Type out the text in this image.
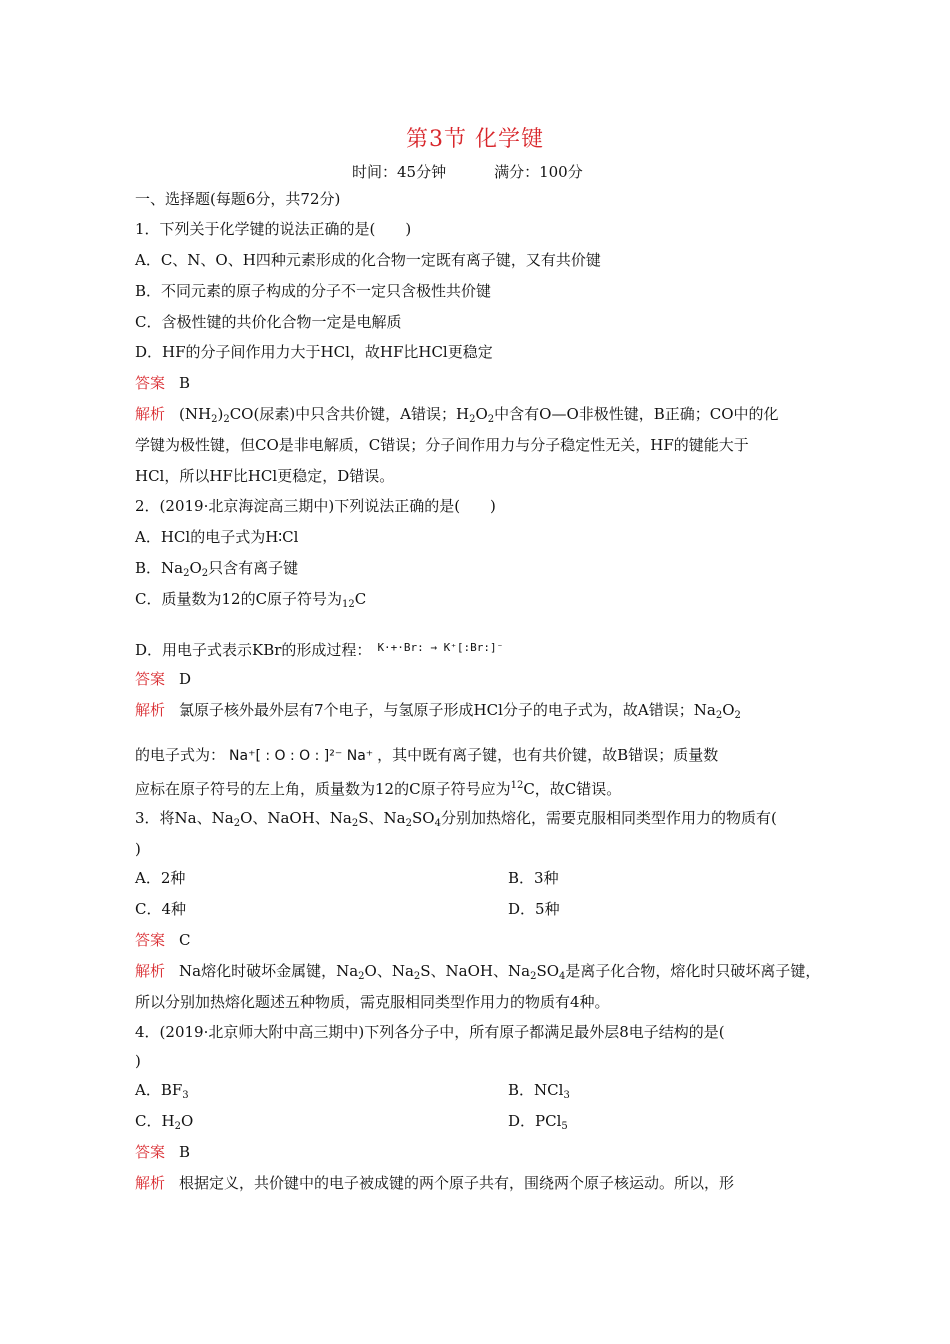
第3节 化学键
时间：45分钟	满分：100分
一、选择题(每题6分，共72分)
1．下列关于化学键的说法正确的是(　　)
A．C、N、O、H四种元素形成的化合物一定既有离子键，又有共价键
B．不同元素的原子构成的分子不一定只含极性共价键
C．含极性键的共价化合物一定是电解质
D．HF的分子间作用力大于HCl，故HF比HCl更稳定
答案 B
解析 $(NH_2)_2CO$(尿素)中只含共价键，A错误；$H_2O_2$中含有O—O非极性键，B正确；CO中的化
学键为极性键，但CO是非电解质，C错误；分子间作用力与分子稳定性无关，HF的键能大于
HCl，所以HF比HCl更稳定，D错误。
2．(2019·北京海淀高三期中)下列说法正确的是(　　)
A．HCl的电子式为H∶Cl
B．$Na_2O_2$只含有离子键
C．质量数为12的C原子符号为$_{12}$C
D．用电子式表示KBr的形成过程： $^{K\cdot+\cdot Br: \to K^+[:Br:]^-}$
答案 D
解析 氯原子核外最外层有7个电子，与氢原子形成HCl分子的电子式为，故A错误；$Na_2O_2$
的电子式为： Na⁺[ : O : O : ]²⁻ Na⁺ ，其中既有离子键，也有共价键，故B错误；质量数
应标在原子符号的左上角，质量数为12的C原子符号应为$^{12}$C，故C错误。
3．将Na、$Na_2O$、NaOH、$Na_2S$、$Na_2SO_4$分别加热熔化，需要克服相同类型作用力的物质有(
)
A．2种	B．3种
C．4种	D．5种
答案 C
解析 Na熔化时破坏金属键，$Na_2O$、$Na_2S$、NaOH、$Na_2SO_4$是离子化合物，熔化时只破坏离子键，
所以分别加热熔化题述五种物质，需克服相同类型作用力的物质有4种。
4．(2019·北京师大附中高三期中)下列各分子中，所有原子都满足最外层8电子结构的是(
)
A．$BF_3$	B．NCl$_3$
C．$H_2O$	D．PCl$_5$
答案 B
解析 根据定义，共价键中的电子被成键的两个原子共有，围绕两个原子核运动。所以，形
